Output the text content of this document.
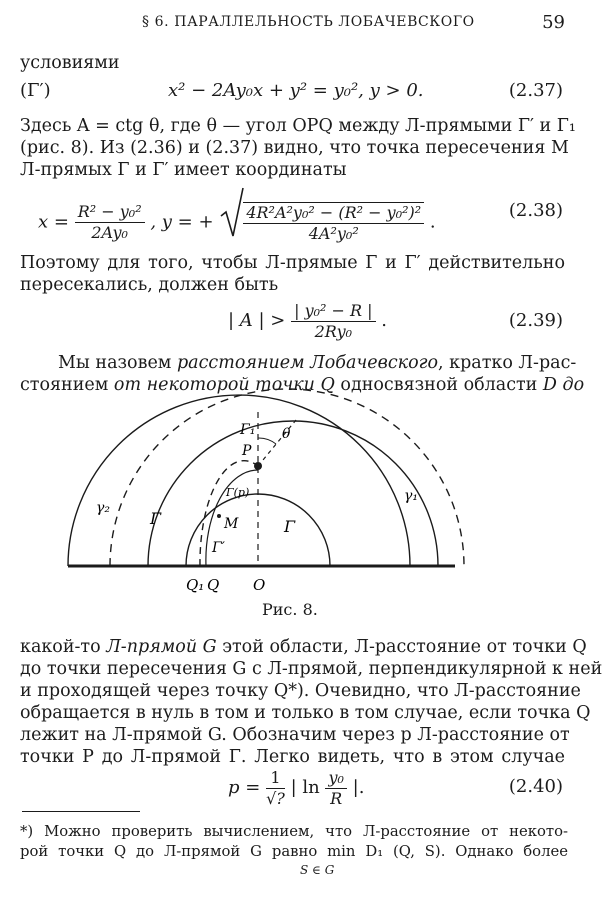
§ 6. ПАРАЛЛЕЛЬНОСТЬ ЛОБАЧЕВСКОГО	59
условиями
(Γ′)	x² − 2Ay₀x + y² = y₀², y > 0.	(2.37)
Здесь A = ctg θ, где θ — угол OPQ между Л-прямыми Γ′ и Γ₁
(рис. 8). Из (2.36) и (2.37) видно, что точка пересечения M
Л-прямых Γ и Γ′ имеет координаты
$x = \frac{\text{R² − y₀²}}{\text{2Ay₀}}$ , y = + $\frac{\text{4R²A²y₀² − (R² − y₀²)²}}{\text{4A²y₀²}}$ .
(2.38)
Поэтому для того, чтобы Л-прямые Γ и Γ′ действительно
пересекались, должен быть
| A | > $\frac{\text{| y₀² − R |}}{\text{2Ry₀}}$ .	(2.39)
Мы назовем расстоянием Лобачевского, кратко Л-рас-
стоянием от некоторой точки Q односвязной области D до
Γ₁ θ
P
γ₂
Γ
Γ(p)
M
Γ′
Γ
γ₁
Q₁ Q O
Рис. 8.
какой-то Л-прямой G этой области, Л-расстояние от точки Q
до точки пересечения G с Л-прямой, перпендикулярной к ней
и проходящей через точку Q*). Очевидно, что Л-расстояние
обращается в нуль в том и только в том случае, если точка Q
лежит на Л-прямой G. Обозначим через p Л-расстояние от
точки P до Л-прямой Γ. Легко видеть, что в этом случае
$p = \frac{1}{√?}$ | $\ln \frac{\text{y₀}}{R}$ |.	(2.40)
*) Можно проверить вычислением, что Л-расстояние от некото-
рой точки Q до Л-прямой G равно min D₁ (Q, S). Однако более
S ∈ G
